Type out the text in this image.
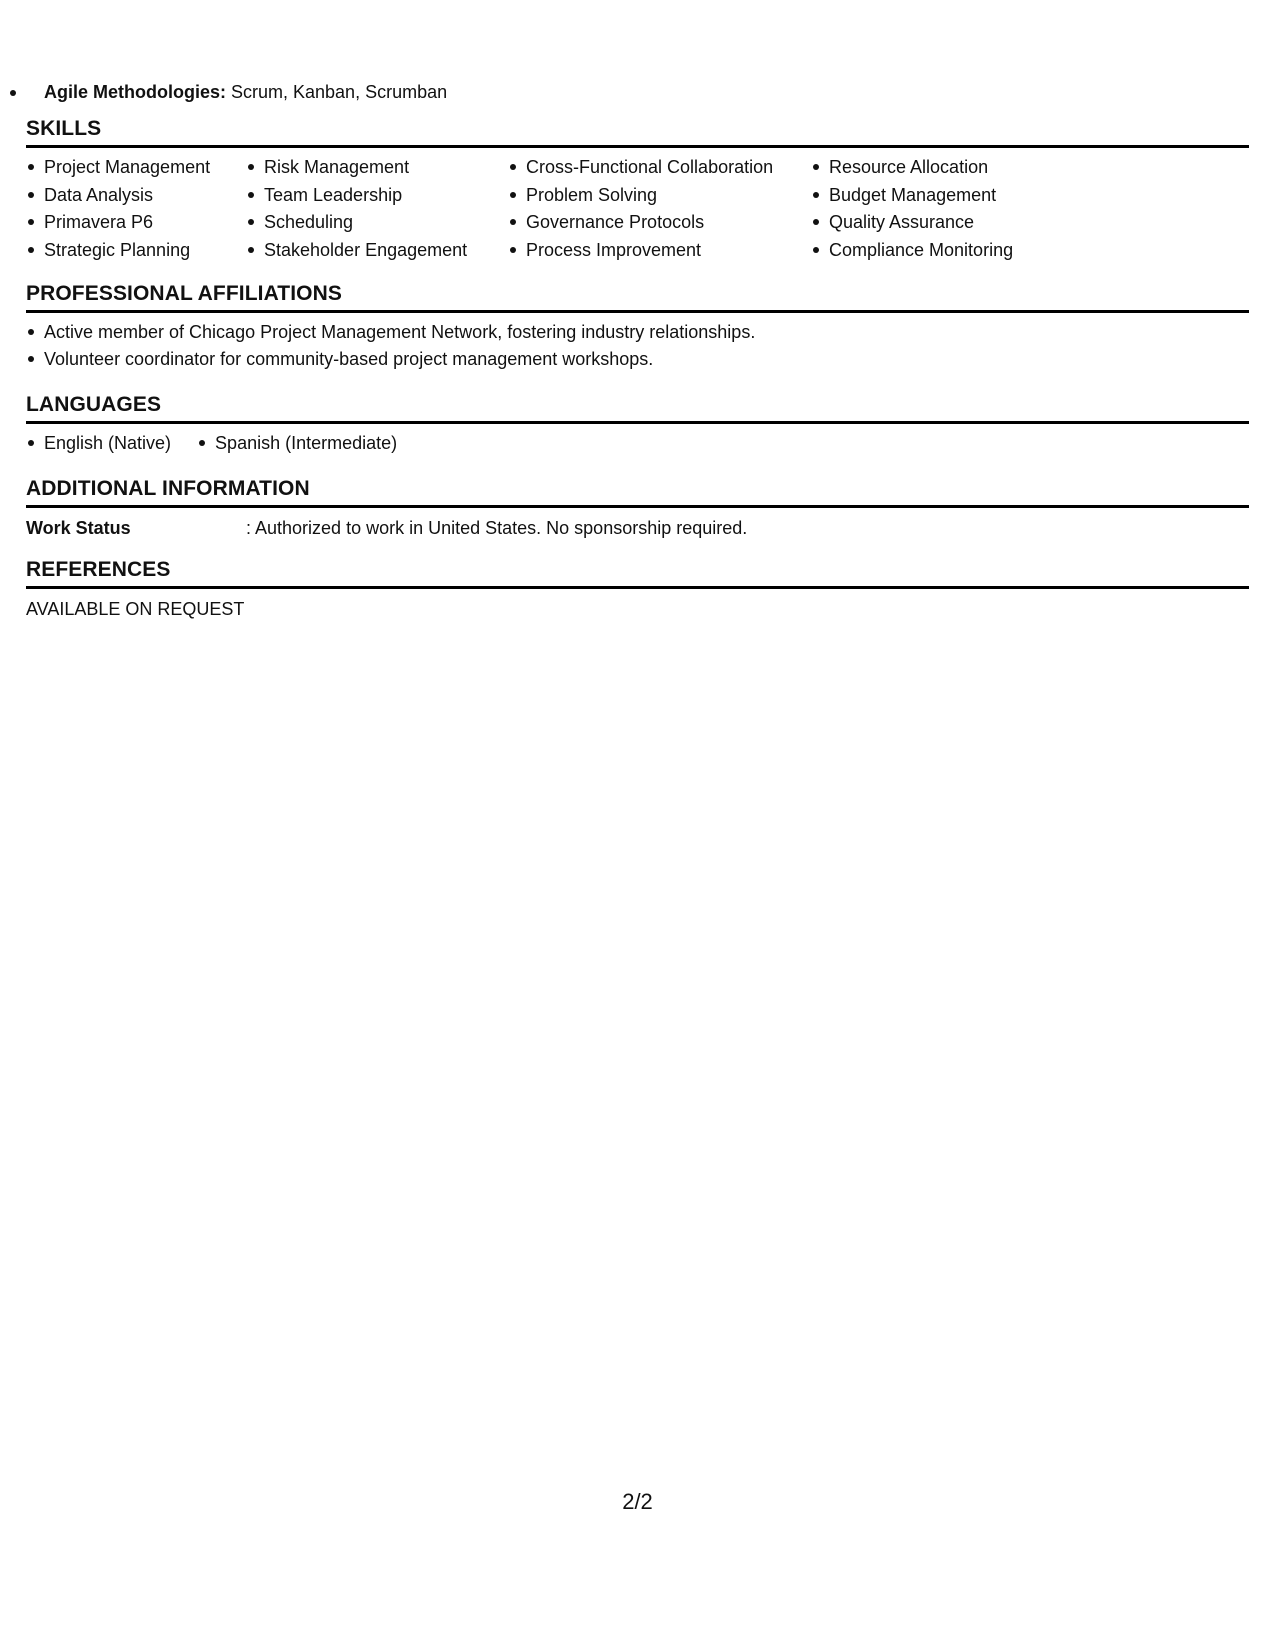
Agile Methodologies: Scrum, Kanban, Scrumban
SKILLS
Project Management
Data Analysis
Primavera P6
Strategic Planning
Risk Management
Team Leadership
Scheduling
Stakeholder Engagement
Cross-Functional Collaboration
Problem Solving
Governance Protocols
Process Improvement
Resource Allocation
Budget Management
Quality Assurance
Compliance Monitoring
PROFESSIONAL AFFILIATIONS
Active member of Chicago Project Management Network, fostering industry relationships.
Volunteer coordinator for community-based project management workshops.
LANGUAGES
English (Native) Spanish (Intermediate)
ADDITIONAL INFORMATION
Work Status	: Authorized to work in United States. No sponsorship required.
REFERENCES
AVAILABLE ON REQUEST
2/2
